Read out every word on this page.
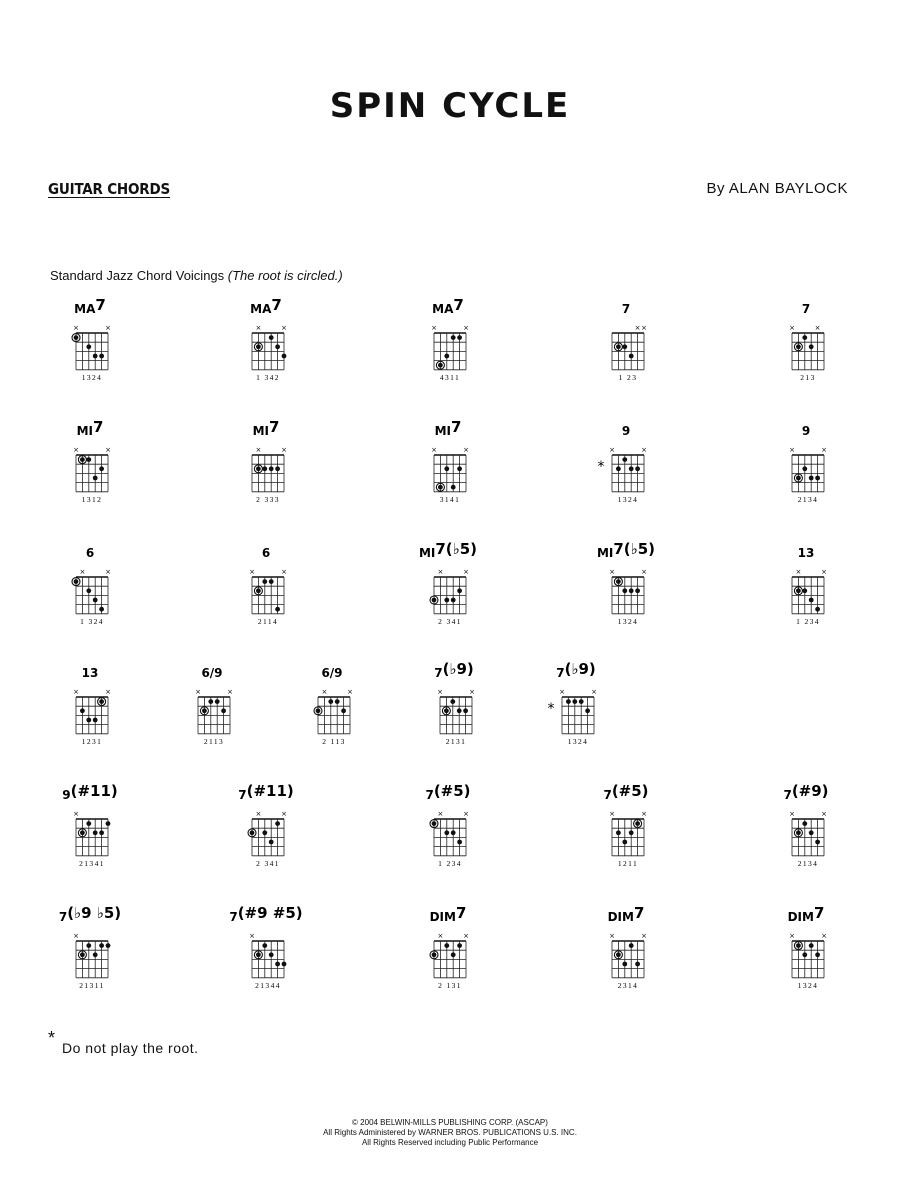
SPIN CYCLE
GUITAR CHORDS	By ALAN BAYLOCK
Standard Jazz Chord Voicings (The root is circled.)
MA7
×	×
1324
MA7
×	×
1 342
MA7
×	×
4311
7
× ×
1 23
7
×	×
213
MI7
×	×
1312
MI7
×	×
2 333
MI7
×	×
3141
9
×	×
1324
*
9
×	×
2134
6
×	×
1 324
6
×	×
2114
MI7(♭5)
×	×
2 341
MI7(♭5)
×	×
1324
13
×	×
1 234
13
×	×
1231
6/9
×	×
2113
6/9
×	×
2 113
7(♭9)
×	×
2131
7(♭9)
×	×
1324
*
9(#11)
×
21341
7(#11)
×	×
2 341
7(#5)
×	×
1 234
7(#5)
×	×
1211
7(#9)
×	×
2134
7(♭9 ♭5)
×
21311
7(#9 #5)
×
21344
DIM7
×	×
2 131
DIM7
×	×
2314
DIM7
×	×
1324
* Do not play the root.
© 2004 BELWIN-MILLS PUBLISHING CORP. (ASCAP)
All Rights Administered by WARNER BROS. PUBLICATIONS U.S. INC.
All Rights Reserved including Public Performance
